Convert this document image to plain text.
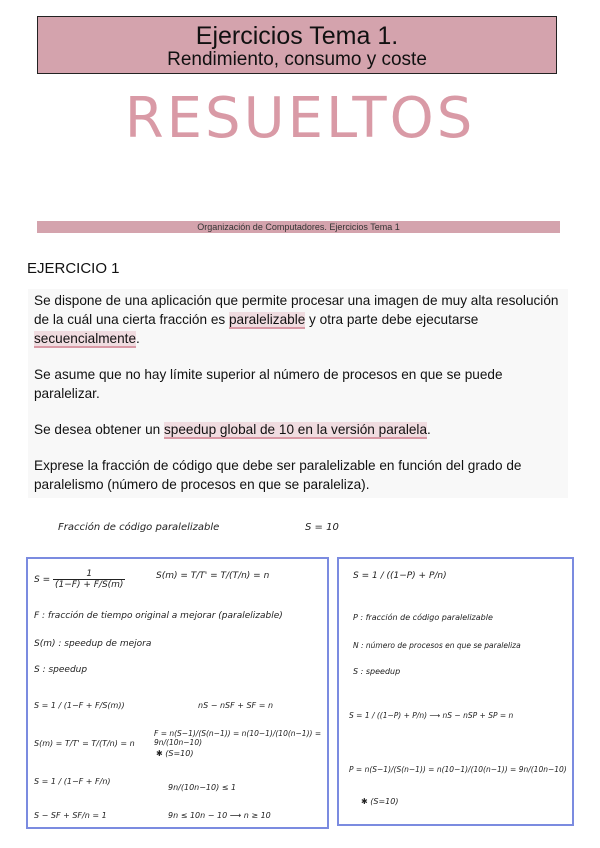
Ejercicios Tema 1.
Rendimiento, consumo y coste
RESUELTOS
Organización de Computadores. Ejercicios Tema 1
EJERCICIO 1

Se dispone de una aplicación que permite procesar una imagen de muy alta resolución de la cuál una cierta fracción es paralelizable y otra parte debe ejecutarse secuencialmente.

Se asume que no hay límite superior al número de procesos en que se puede paralelizar.

Se desea obtener un speedup global de 10 en la versión paralela.

Exprese la fracción de código que debe ser paralelizable en función del grado de paralelismo (número de procesos en que se paraleliza).

Fracción de código paralelizable	S = 10
$S = \frac{1}{(1-F) + F/S(m)}$	S(m) = T/T' = T/(T/n) = n
F : fracción de tiempo original a mejorar (paralelizable)
S(m) : speedup de mejora
S : speedup
S = 1 / (1−F + F/S(m))	nS − nSF + SF = n
S(m) = T/T' = T/(T/n) = n
F = n(S−1)/(S(n−1)) = n(10−1)/(10(n−1)) = 9n/(10n−10)
✱ (S=10)
S = 1 / (1−F + F/n)
9n/(10n−10) ≤ 1
S − SF + SF/n = 1	9n ≤ 10n − 10 ⟶ n ≥ 10
S = 1 / ((1−P) + P/n)
P : fracción de código paralelizable
N : número de procesos en que se paraleliza
S : speedup
S = 1 / ((1−P) + P/n) ⟶ nS − nSP + SP = n
P = n(S−1)/(S(n−1)) = n(10−1)/(10(n−1)) = 9n/(10n−10)
✱ (S=10)
